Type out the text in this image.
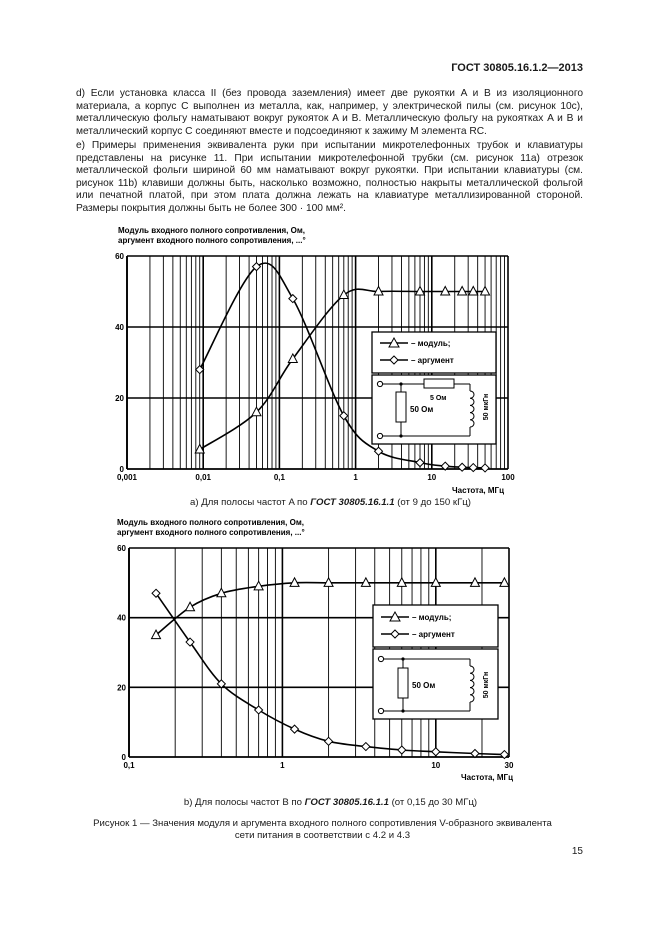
ГОСТ 30805.16.1.2—2013
d) Если установка класса II (без провода заземления) имеет две рукоятки A и B из изоляционного материала, а корпус C выполнен из металла, как, например, у электрической пилы (см. рисунок 10с), металлическую фольгу наматывают вокруг рукояток A и B. Металлическую фольгу на рукоятках A и B и металлический корпус C соединяют вместе и подсоединяют к зажиму M элемента RC.
e) Примеры применения эквивалента руки при испытании микротелефонных трубок и клавиатуры представлены на рисунке 11. При испытании микротелефонной трубки (см. рисунок 11а) отрезок металлической фольги шириной 60 мм наматывают вокруг рукоятки. При испытании клавиатуры (см. рисунок 11b) клавиши должны быть, насколько возможно, полностью накрыты металлической фольгой или печатной платой, при этом плата должна лежать на клавиатуре металлизированной стороной. Размеры покрытия должны быть не более 300 · 100 мм².
Модуль входного полного сопротивления, Ом,
аргумент входного полного сопротивления, ...°
0
20
40
60
0,001	0,01	0,1	1	10	100
Частота, МГц
– модуль;
– аргумент
5 Ом
50 Ом	50 мкГн
а) Для полосы частот A по ГОСТ 30805.16.1.1 (от 9 до 150 кГц)
Модуль входного полного сопротивления, Ом,
аргумент входного полного сопротивления, ...°
0
20
40
60
0,1	1	10	30
Частота, МГц
– модуль;
– аргумент
50 Ом	50 мкГн
b) Для полосы частот B по ГОСТ 30805.16.1.1 (от 0,15 до 30 МГц)
Рисунок 1 — Значения модуля и аргумента входного полного сопротивления V-образного эквивалента
сети питания в соответствии с 4.2 и 4.3
15
